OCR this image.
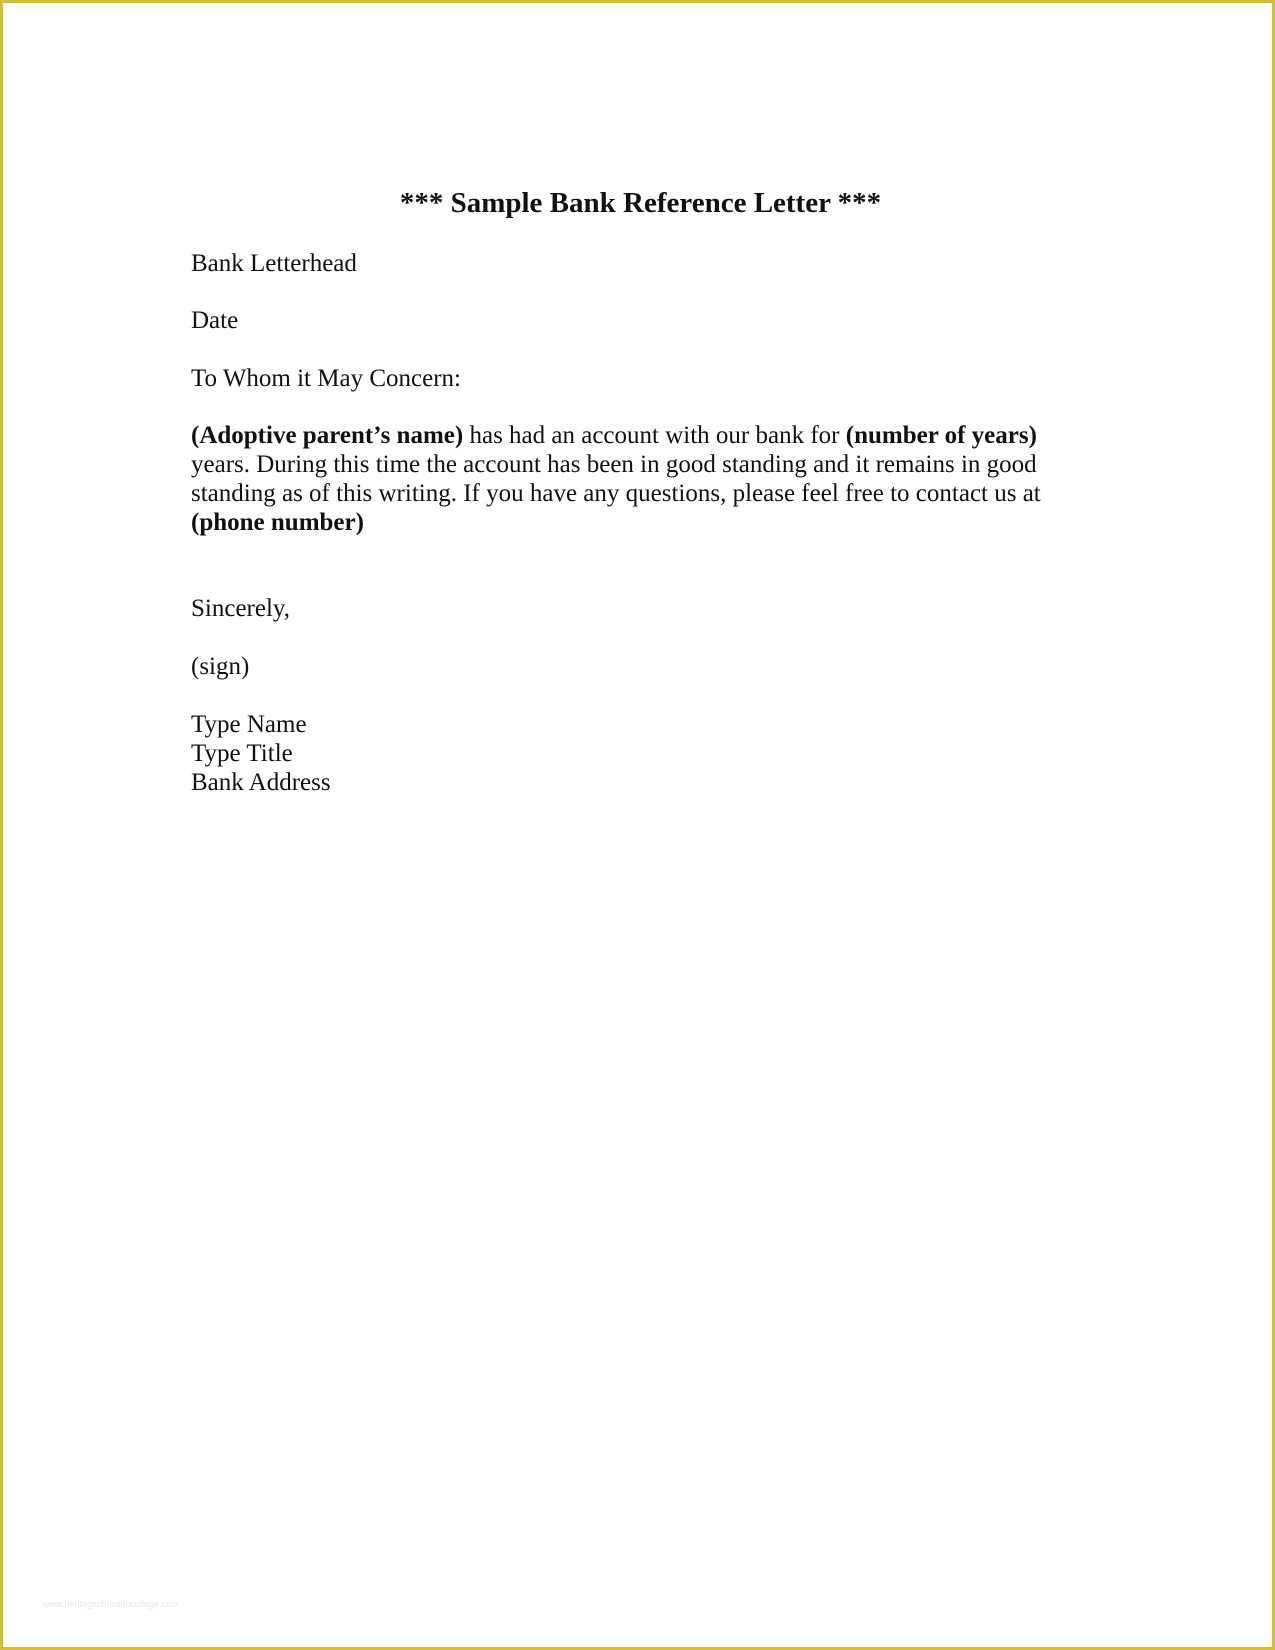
*** Sample Bank Reference Letter ***

Bank Letterhead

Date

To Whom it May Concern:

(Adoptive parent’s name) has had an account with our bank for (number of years)
years. During this time the account has been in good standing and it remains in good
standing as of this writing. If you have any questions, please feel free to contact us at
(phone number)

Sincerely,

(sign)

Type Name
Type Title
Bank Address

www.heritagechristiancollege.com
